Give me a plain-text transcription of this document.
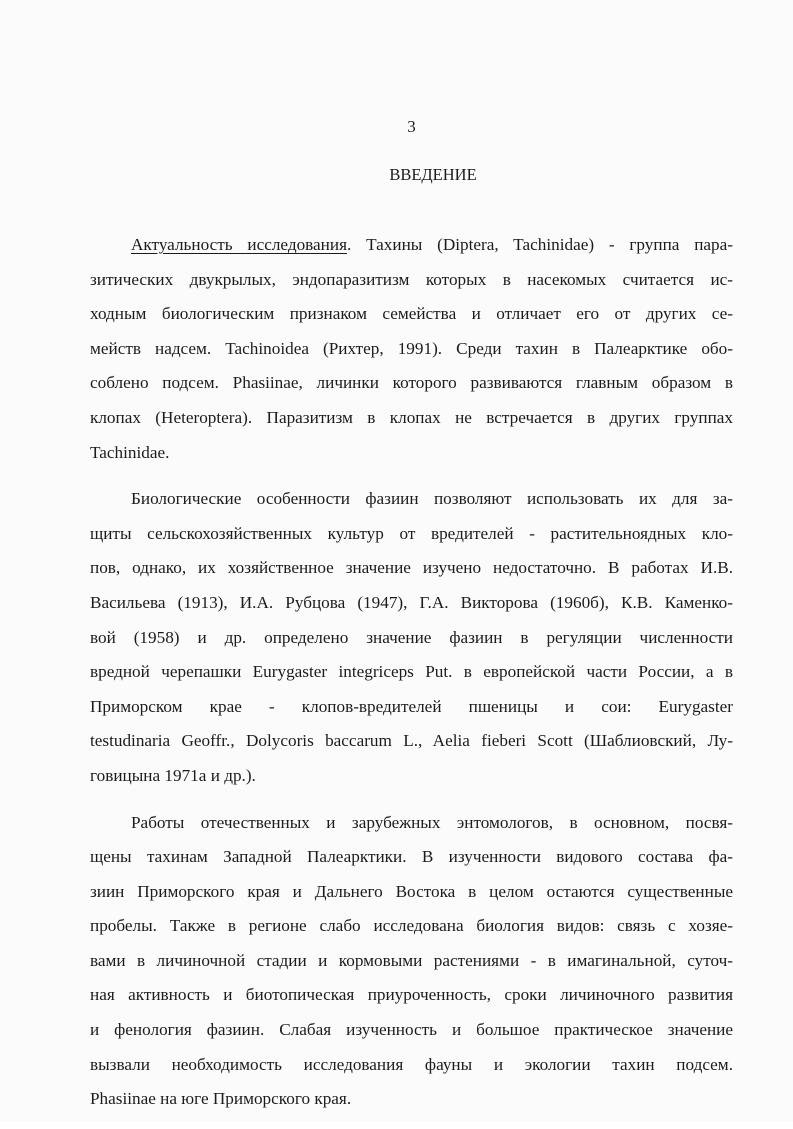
3
ВВЕДЕНИЕ
Актуальность исследования. Тахины (Diptera, Tachinidae) - группа пара-
зитических двукрылых, эндопаразитизм которых в насекомых считается ис-
ходным биологическим признаком семейства и отличает его от других се-
мейств надсем. Tachinoidea (Рихтер, 1991). Среди тахин в Палеарктике обо-
соблено подсем. Phasiinae, личинки которого развиваются главным образом в
клопах (Heteroptera). Паразитизм в клопах не встречается в других группах
Tachinidae.
Биологические особенности фазиин позволяют использовать их для за-
щиты сельскохозяйственных культур от вредителей - растительноядных кло-
пов, однако, их хозяйственное значение изучено недостаточно. В работах И.В.
Васильева (1913), И.А. Рубцова (1947), Г.А. Викторова (1960б), К.В. Каменко-
вой (1958) и др. определено значение фазиин в регуляции численности
вредной черепашки Eurygaster integriceps Put. в европейской части России, а в
Приморском крае - клопов-вредителей пшеницы и сои: Eurygaster
testudinaria Geoffr., Dolycoris baccarum L., Aelia fieberi Scott (Шаблиовский, Лу-
говицына 1971а и др.).
Работы отечественных и зарубежных энтомологов, в основном, посвя-
щены тахинам Западной Палеарктики. В изученности видового состава фа-
зиин Приморского края и Дальнего Востока в целом остаются существенные
пробелы. Также в регионе слабо исследована биология видов: связь с хозяе-
вами в личиночной стадии и кормовыми растениями - в имагинальной, суточ-
ная активность и биотопическая приуроченность, сроки личиночного развития
и фенология фазиин. Слабая изученность и большое практическое значение
вызвали необходимость исследования фауны и экологии тахин подсем.
Phasiinae на юге Приморского края.
